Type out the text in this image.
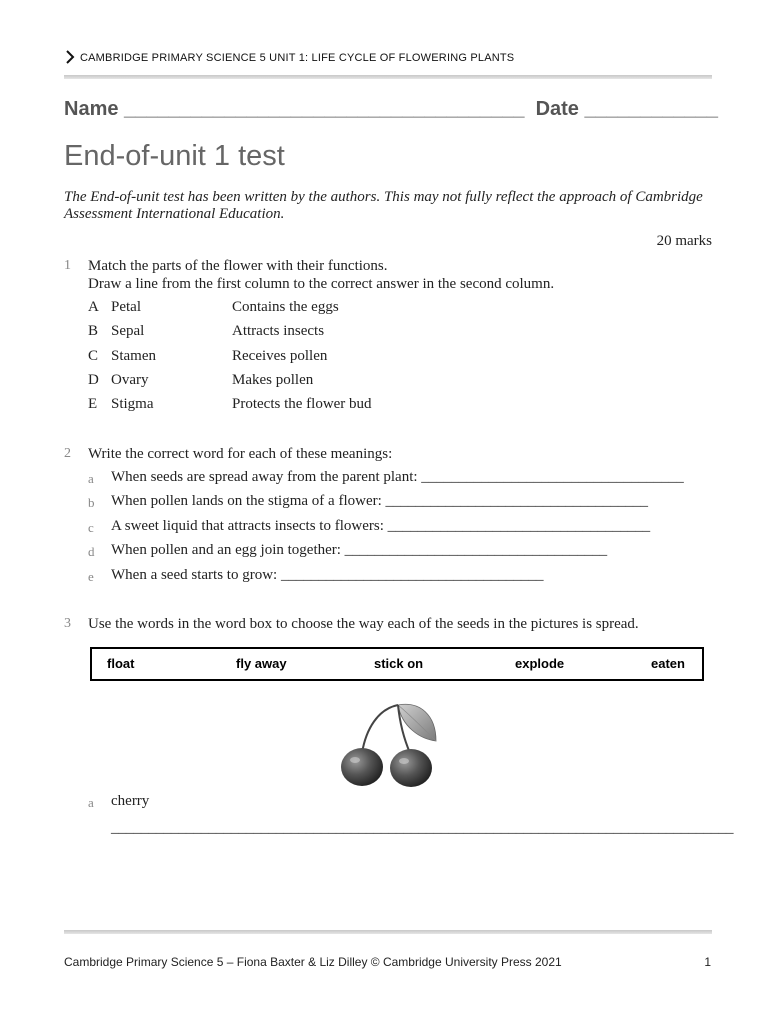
CAMBRIDGE PRIMARY SCIENCE 5 UNIT 1: LIFE CYCLE OF FLOWERING PLANTS
Name ____________________________________  Date ____________
End-of-unit 1 test
The End-of-unit test has been written by the authors. This may not fully reflect the approach of Cambridge Assessment International Education.
20 marks
1 Match the parts of the flower with their functions.
Draw a line from the first column to the correct answer in the second column.
A Petal	Contains the eggs
B Sepal	Attracts insects
C Stamen	Receives pollen
D Ovary	Makes pollen
E Stigma	Protects the flower bud
2 Write the correct word for each of these meanings:
a When seeds are spread away from the parent plant: ___________________________________
b When pollen lands on the stigma of a flower: ___________________________________
c A sweet liquid that attracts insects to flowers: ___________________________________
d When pollen and an egg join together: ___________________________________
e When a seed starts to grow: ___________________________________
3 Use the words in the word box to choose the way each of the seeds in the pictures is spread.
float	fly away	stick on	explode	eaten
a cherry
___________________________________________________________________________________
Cambridge Primary Science 5 – Fiona Baxter & Liz Dilley © Cambridge University Press 2021	1
